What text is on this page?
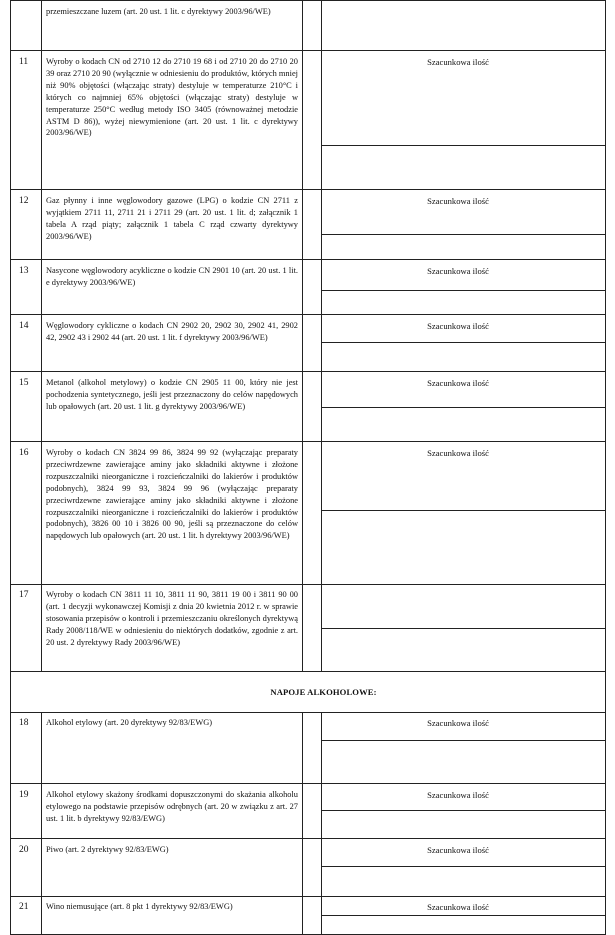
przemieszczane luzem (art. 20 ust. 1 lit. c dyrektywy 2003/96/WE)
11 Wyroby o kodach CN od 2710 12 do 2710 19 68 i od 2710 20 do 2710 20 39 oraz 2710 20 90 (wyłącznie w odniesieniu do produktów, których mniej niż 90% objętości (włączając straty) destyluje w temperaturze 210°C i których co najmniej 65% objętości (włączając straty) destyluje w temperaturze 250°C według metody ISO 3405 (równoważnej metodzie ASTM D 86)), wyżej niewymienione (art. 20 ust. 1 lit. c dyrektywy 2003/96/WE)
Szacunkowa ilość
12 Gaz płynny i inne węglowodory gazowe (LPG) o kodzie CN 2711 z wyjątkiem 2711 11, 2711 21 i 2711 29 (art. 20 ust. 1 lit. d; załącznik 1 tabela A rząd piąty; załącznik 1 tabela C rząd czwarty dyrektywy 2003/96/WE)
Szacunkowa ilość
13 Nasycone węglowodory acykliczne o kodzie CN 2901 10 (art. 20 ust. 1 lit. e dyrektywy 2003/96/WE)
Szacunkowa ilość
14 Węglowodory cykliczne o kodach CN 2902 20, 2902 30, 2902 41, 2902 42, 2902 43 i 2902 44 (art. 20 ust. 1 lit. f dyrektywy 2003/96/WE)
Szacunkowa ilość
15 Metanol (alkohol metylowy) o kodzie CN 2905 11 00, który nie jest pochodzenia syntetycznego, jeśli jest przeznaczony do celów napędowych lub opałowych (art. 20 ust. 1 lit. g dyrektywy 2003/96/WE)
Szacunkowa ilość
16 Wyroby o kodach CN 3824 99 86, 3824 99 92 (wyłączając preparaty przeciwrdzewne zawierające aminy jako składniki aktywne i złożone rozpuszczalniki nieorganiczne i rozcieńczalniki do lakierów i produktów podobnych), 3824 99 93, 3824 99 96 (wyłączając preparaty przeciwrdzewne zawierające aminy jako składniki aktywne i złożone rozpuszczalniki nieorganiczne i rozcieńczalniki do lakierów i produktów podobnych), 3826 00 10 i 3826 00 90, jeśli są przeznaczone do celów napędowych lub opałowych (art. 20 ust. 1 lit. h dyrektywy 2003/96/WE)
Szacunkowa ilość
17 Wyroby o kodach CN 3811 11 10, 3811 11 90, 3811 19 00 i 3811 90 00 (art. 1 decyzji wykonawczej Komisji z dnia 20 kwietnia 2012 r. w sprawie stosowania przepisów o kontroli i przemieszczaniu określonych dyrektywą Rady 2008/118/WE w odniesieniu do niektórych dodatków, zgodnie z art. 20 ust. 2 dyrektywy Rady 2003/96/WE)
NAPOJE ALKOHOLOWE:
18 Alkohol etylowy (art. 20 dyrektywy 92/83/EWG)	Szacunkowa ilość
19 Alkohol etylowy skażony środkami dopuszczonymi do skażania alkoholu etylowego na podstawie przepisów odrębnych (art. 20 w związku z art. 27 ust. 1 lit. b dyrektywy 92/83/EWG)
Szacunkowa ilość
20 Piwo (art. 2 dyrektywy 92/83/EWG)	Szacunkowa ilość
21 Wino niemusujące (art. 8 pkt 1 dyrektywy 92/83/EWG)	Szacunkowa ilość
